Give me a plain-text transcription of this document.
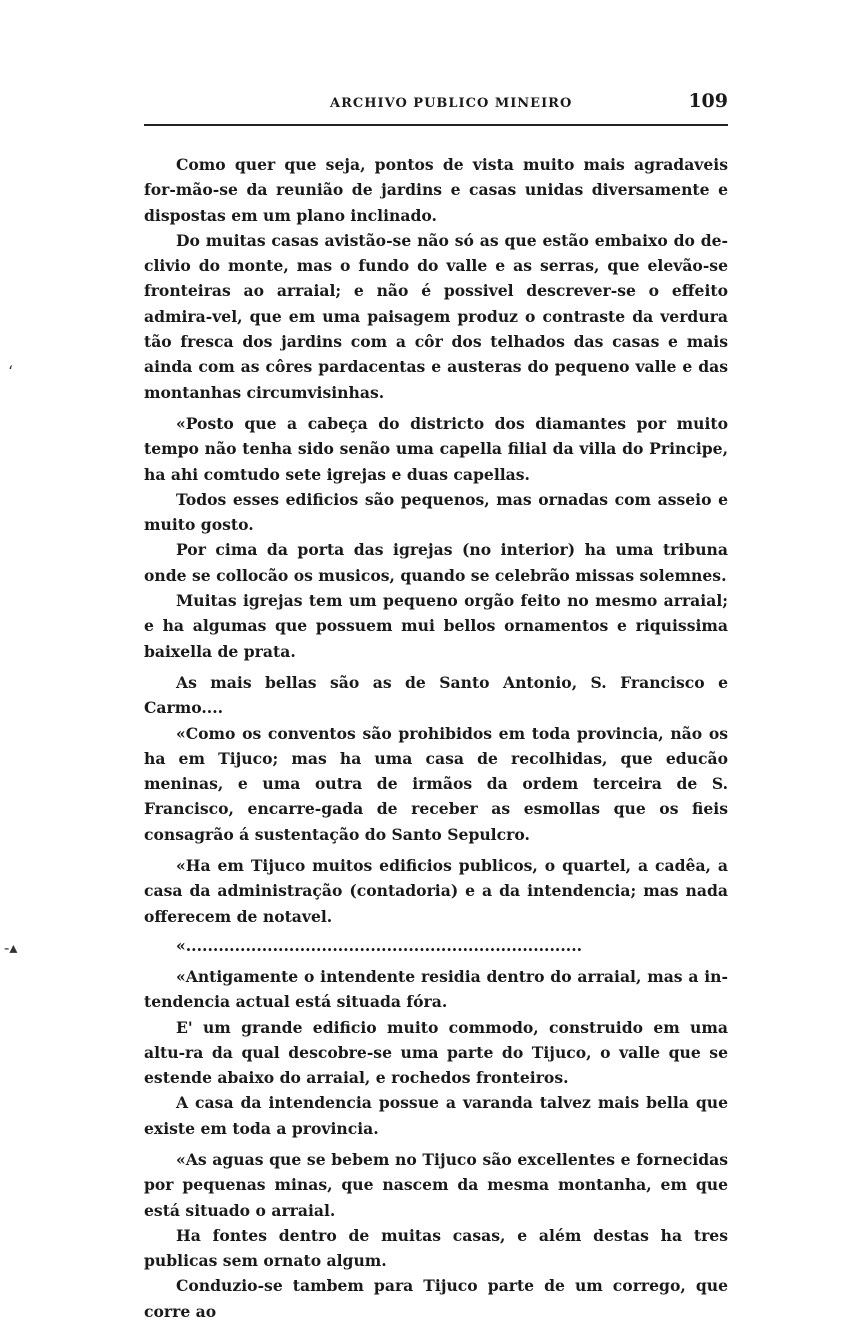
ARCHIVO PUBLICO MINEIRO	109
‘
-▴

Como quer que seja, pontos de vista muito mais agradaveis for-mão-se da reunião de jardins e casas unidas diversamente e dispostas em um plano inclinado.

Do muitas casas avistão-se não só as que estão embaixo do de-clivio do monte, mas o fundo do valle e as serras, que elevão-se fronteiras ao arraial; e não é possivel descrever-se o effeito admira-vel, que em uma paisagem produz o contraste da verdura tão fresca dos jardins com a côr dos telhados das casas e mais ainda com as côres pardacentas e austeras do pequeno valle e das montanhas circumvisinhas.

«Posto que a cabeça do districto dos diamantes por muito tempo não tenha sido senão uma capella filial da villa do Principe, ha ahi comtudo sete igrejas e duas capellas.

Todos esses edificios são pequenos, mas ornadas com asseio e muito gosto.

Por cima da porta das igrejas (no interior) ha uma tribuna onde se collocão os musicos, quando se celebrão missas solemnes.

Muitas igrejas tem um pequeno orgão feito no mesmo arraial; e ha algumas que possuem mui bellos ornamentos e riquissima baixella de prata.

As mais bellas são as de Santo Antonio, S. Francisco e Carmo....

«Como os conventos são prohibidos em toda provincia, não os ha em Tijuco; mas ha uma casa de recolhidas, que educão meninas, e uma outra de irmãos da ordem terceira de S. Francisco, encarre-gada de receber as esmollas que os fieis consagrão á sustentação do Santo Sepulcro.

«Ha em Tijuco muitos edificios publicos, o quartel, a cadêa, a casa da administração (contadoria) e a da intendencia; mas nada offerecem de notavel.

«.........................................................................

«Antigamente o intendente residia dentro do arraial, mas a in-tendencia actual está situada fóra.

E' um grande edificio muito commodo, construido em uma altu-ra da qual descobre-se uma parte do Tijuco, o valle que se estende abaixo do arraial, e rochedos fronteiros.

A casa da intendencia possue a varanda talvez mais bella que existe em toda a provincia.

«As aguas que se bebem no Tijuco são excellentes e fornecidas por pequenas minas, que nascem da mesma montanha, em que está situado o arraial.

Ha fontes dentro de muitas casas, e além destas ha tres publicas sem ornato algum.

Conduzio-se tambem para Tijuco parte de um corrego, que corre ao
